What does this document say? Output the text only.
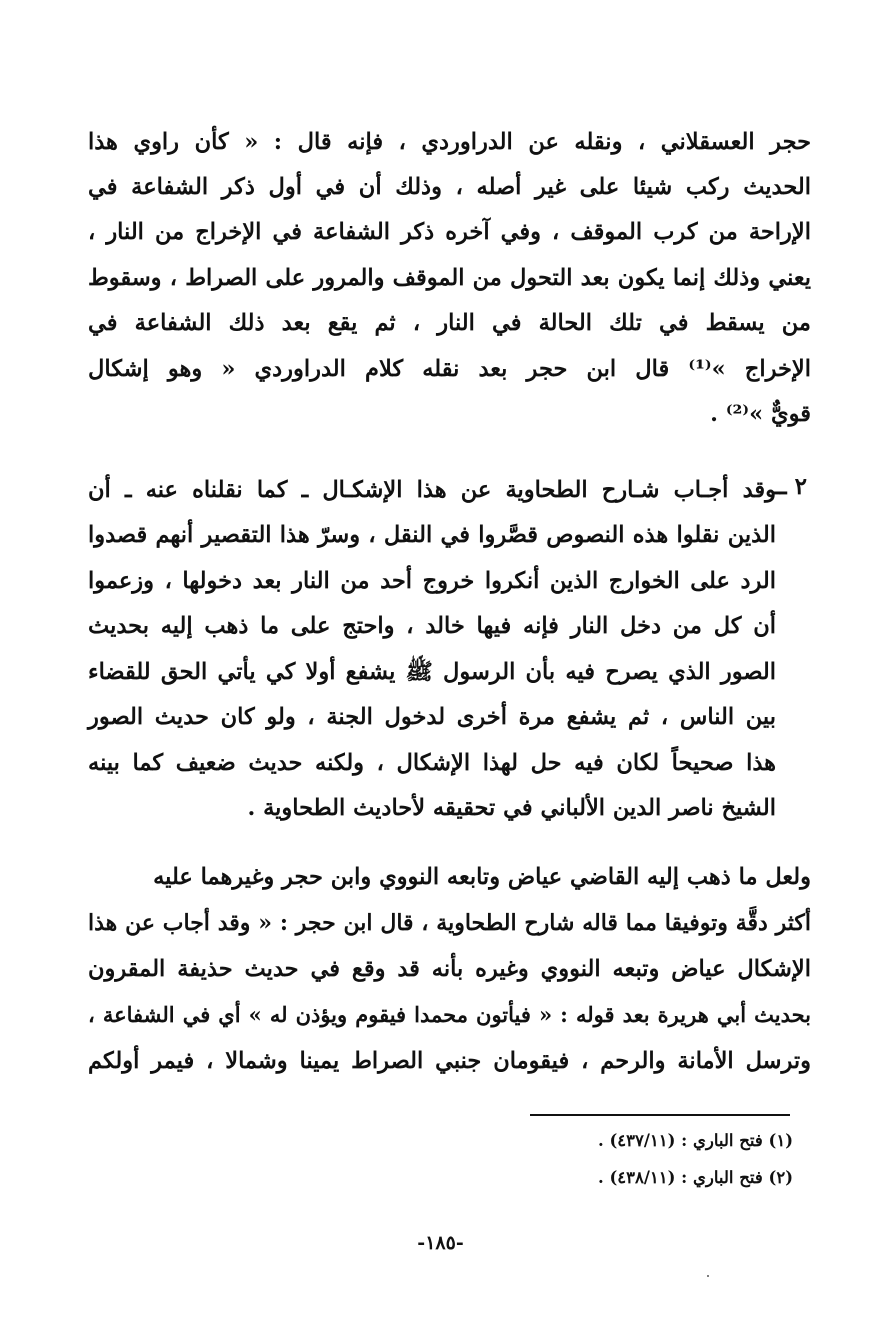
حجر العسقلاني ، ونقله عن الدراوردي ، فإنه قال : « كأن راوي هذا
الحديث ركب شيئا على غير أصله ، وذلك أن في أول ذكر الشفاعة في
الإراحة من كرب الموقف ، وفي آخره ذكر الشفاعة في الإخراج من النار ،
يعني وذلك إنما يكون بعد التحول من الموقف والمرور على الصراط ، وسقوط
من يسقط في تلك الحالة في النار ، ثم يقع بعد ذلك الشفاعة في
الإخراج »⁽¹⁾ قال ابن حجر بعد نقله كلام الدراوردي « وهو إشكال
قويٌّ »⁽²⁾ .
٢ ــ
وقد أجـاب شـارح الطحاوية عن هذا الإشكـال ـ كما نقلناه عنه ـ أن
الذين نقلوا هذه النصوص قصَّروا في النقل ، وسرّ هذا التقصير أنهم قصدوا
الرد على الخوارج الذين أنكروا خروج أحد من النار بعد دخولها ، وزعموا
أن كل من دخل النار فإنه فيها خالد ، واحتج على ما ذهب إليه بحديث
الصور الذي يصرح فيه بأن الرسول ﷺ يشفع أولا كي يأتي الحق للقضاء
بين الناس ، ثم يشفع مرة أخرى لدخول الجنة ، ولو كان حديث الصور
هذا صحيحاً لكان فيه حل لهذا الإشكال ، ولكنه حديث ضعيف كما بينه
الشيخ ناصر الدين الألباني في تحقيقه لأحاديث الطحاوية .
ولعل ما ذهب إليه القاضي عياض وتابعه النووي وابن حجر وغيرهما عليه
أكثر دقَّة وتوفيقا مما قاله شارح الطحاوية ، قال ابن حجر : « وقد أجاب عن هذا
الإشكال عياض وتبعه النووي وغيره بأنه قد وقع في حديث حذيفة المقرون
بحديث أبي هريرة بعد قوله : « فيأتون محمدا فيقوم ويؤذن له » أي في الشفاعة ،
وترسل الأمانة والرحم ، فيقومان جنبي الصراط يمينا وشمالا ، فيمر أولكم
(١) فتح الباري : (٤٣٧/١١) .
(٢) فتح الباري : (٤٣٨/١١) .
-١٨٥-
